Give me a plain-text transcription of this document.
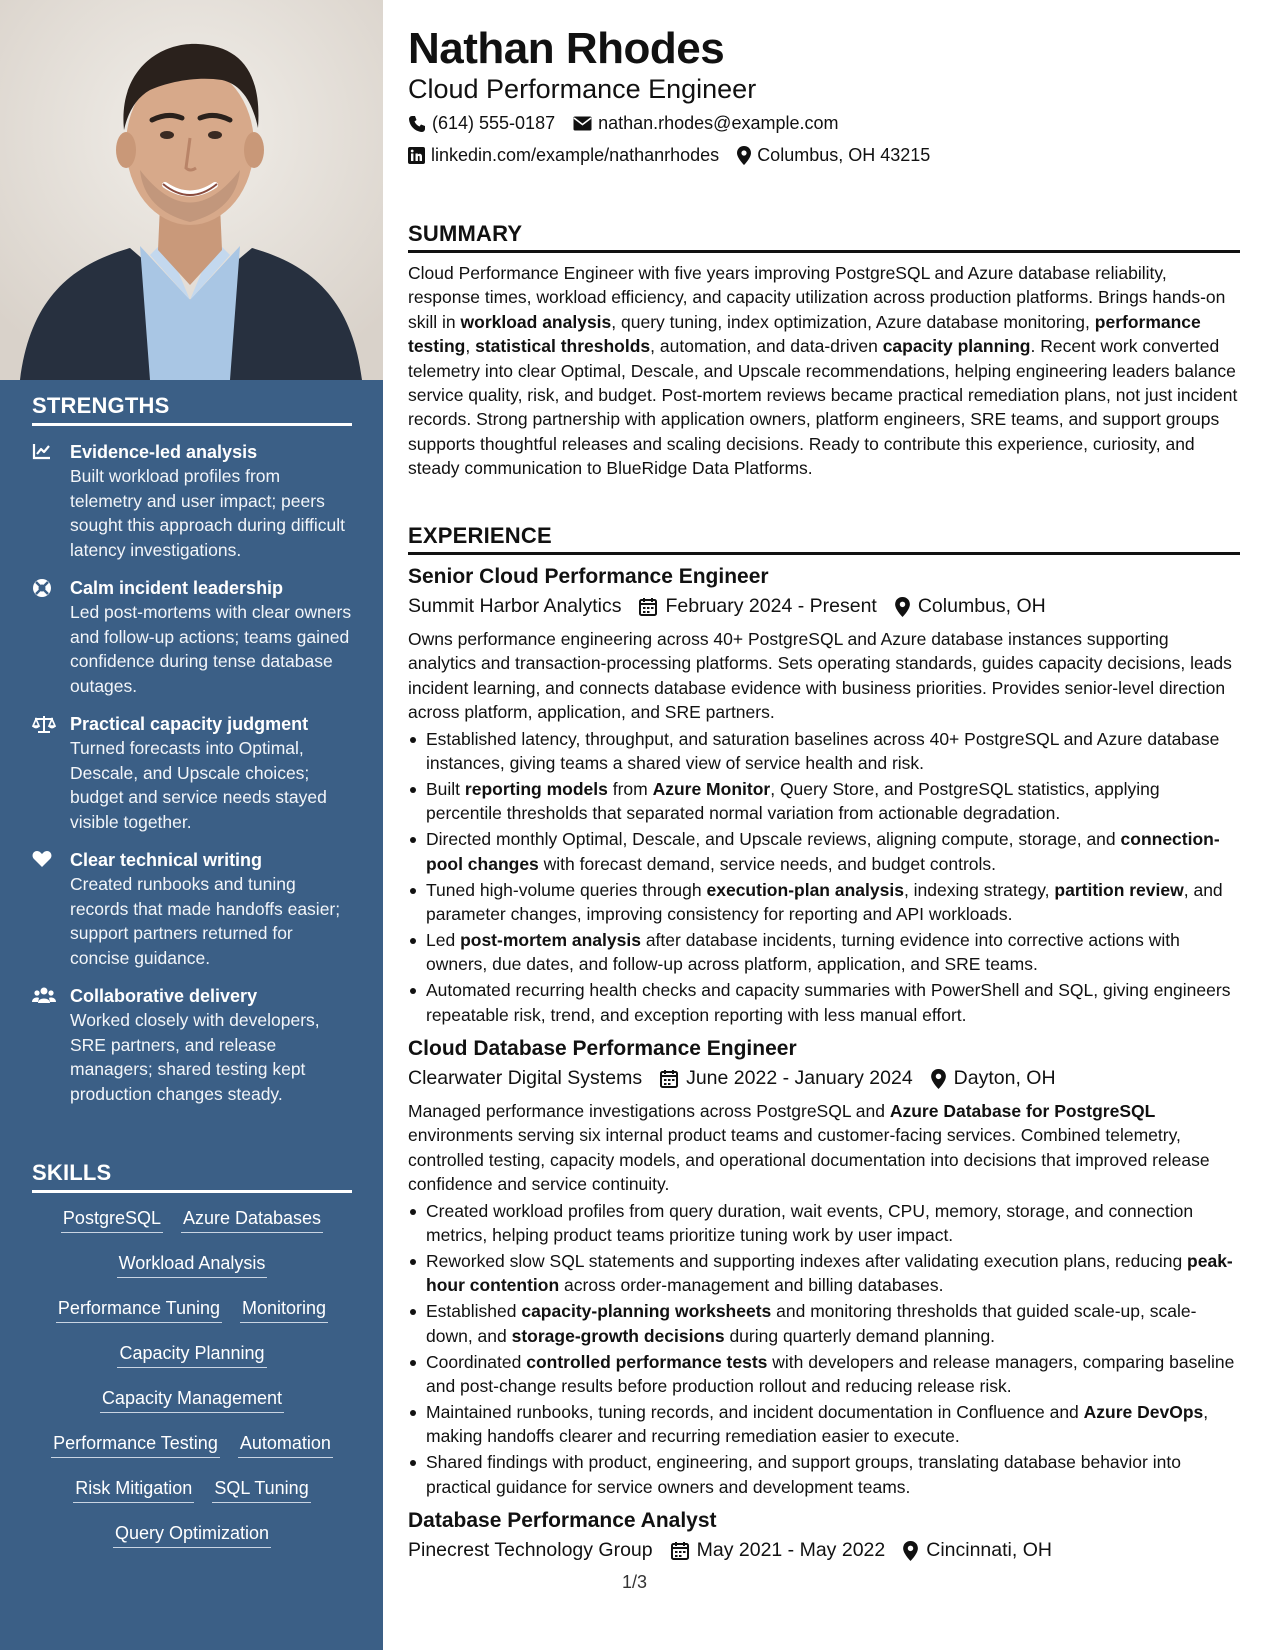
STRENGTHS
Evidence-led analysis
Built workload profiles from telemetry and user impact; peers sought this approach during difficult latency investigations.
Calm incident leadership
Led post-mortems with clear owners and follow-up actions; teams gained confidence during tense database outages.
Practical capacity judgment
Turned forecasts into Optimal, Descale, and Upscale choices; budget and service needs stayed visible together.
Clear technical writing
Created runbooks and tuning records that made handoffs easier; support partners returned for concise guidance.
Collaborative delivery
Worked closely with developers, SRE partners, and release managers; shared testing kept production changes steady.
SKILLS
PostgreSQL Azure Databases
Workload Analysis
Performance Tuning Monitoring
Capacity Planning
Capacity Management
Performance Testing Automation
Risk Mitigation SQL Tuning
Query Optimization
Nathan Rhodes
Cloud Performance Engineer
(614) 555-0187 nathan.rhodes@example.com
linkedin.com/example/nathanrhodes Columbus, OH 43215
SUMMARY
Cloud Performance Engineer with five years improving PostgreSQL and Azure database reliability, response times, workload efficiency, and capacity utilization across production platforms. Brings hands-on skill in workload analysis, query tuning, index optimization, Azure database monitoring, performance testing, statistical thresholds, automation, and data-driven capacity planning. Recent work converted telemetry into clear Optimal, Descale, and Upscale recommendations, helping engineering leaders balance service quality, risk, and budget. Post-mortem reviews became practical remediation plans, not just incident records. Strong partnership with application owners, platform engineers, SRE teams, and support groups supports thoughtful releases and scaling decisions. Ready to contribute this experience, curiosity, and steady communication to BlueRidge Data Platforms.
EXPERIENCE
Senior Cloud Performance Engineer
Summit Harbor Analytics February 2024 - Present Columbus, OH
Owns performance engineering across 40+ PostgreSQL and Azure database instances supporting analytics and transaction-processing platforms. Sets operating standards, guides capacity decisions, leads incident learning, and connects database evidence with business priorities. Provides senior-level direction across platform, application, and SRE partners.
Established latency, throughput, and saturation baselines across 40+ PostgreSQL and Azure database instances, giving teams a shared view of service health and risk.
Built reporting models from Azure Monitor, Query Store, and PostgreSQL statistics, applying percentile thresholds that separated normal variation from actionable degradation.
Directed monthly Optimal, Descale, and Upscale reviews, aligning compute, storage, and connection-pool changes with forecast demand, service needs, and budget controls.
Tuned high-volume queries through execution-plan analysis, indexing strategy, partition review, and parameter changes, improving consistency for reporting and API workloads.
Led post-mortem analysis after database incidents, turning evidence into corrective actions with owners, due dates, and follow-up across platform, application, and SRE teams.
Automated recurring health checks and capacity summaries with PowerShell and SQL, giving engineers repeatable risk, trend, and exception reporting with less manual effort.
Cloud Database Performance Engineer
Clearwater Digital Systems June 2022 - January 2024 Dayton, OH
Managed performance investigations across PostgreSQL and Azure Database for PostgreSQL environments serving six internal product teams and customer-facing services. Combined telemetry, controlled testing, capacity models, and operational documentation into decisions that improved release confidence and service continuity.
Created workload profiles from query duration, wait events, CPU, memory, storage, and connection metrics, helping product teams prioritize tuning work by user impact.
Reworked slow SQL statements and supporting indexes after validating execution plans, reducing peak-hour contention across order-management and billing databases.
Established capacity-planning worksheets and monitoring thresholds that guided scale-up, scale-down, and storage-growth decisions during quarterly demand planning.
Coordinated controlled performance tests with developers and release managers, comparing baseline and post-change results before production rollout and reducing release risk.
Maintained runbooks, tuning records, and incident documentation in Confluence and Azure DevOps, making handoffs clearer and recurring remediation easier to execute.
Shared findings with product, engineering, and support groups, translating database behavior into practical guidance for service owners and development teams.
Database Performance Analyst
Pinecrest Technology Group May 2021 - May 2022 Cincinnati, OH
1/3
